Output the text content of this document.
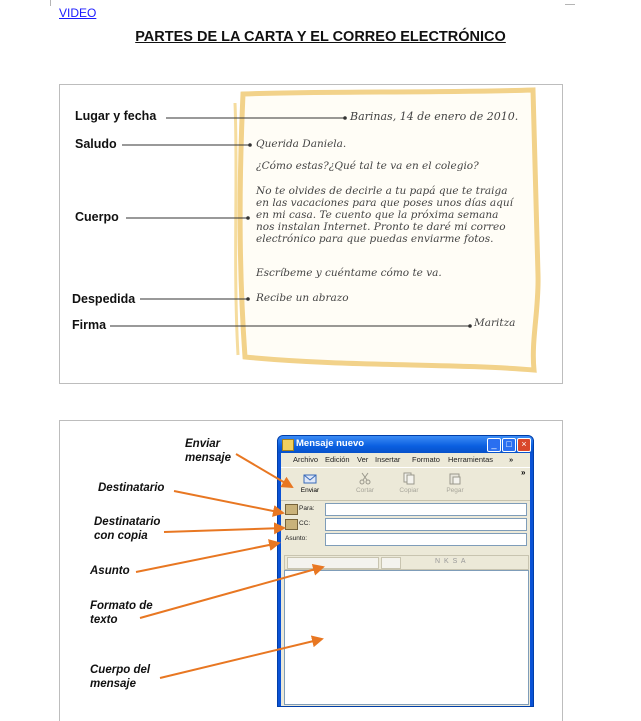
VIDEO
PARTES DE LA CARTA Y EL CORREO ELECTRÓNICO
Lugar y fecha
Saludo
Cuerpo
Despedida
Firma
Barinas, 14 de enero de 2010.
Querida Daniela.
¿Cómo estas?¿Qué tal te va en el colegio?
No te olvides de decirle a tu papá que te traiga
en las vacaciones para que poses unos días aquí
en mi casa. Te cuento que la próxima semana
nos instalan Internet. Pronto te daré mi correo
electrónico para que puedas enviarme fotos.
Escríbeme y cuéntame cómo te va.
Recibe un abrazo
Maritza
Enviar
mensaje
Destinatario
Destinatario
con copia
Asunto
Formato de
texto
Cuerpo del
mensaje
Mensaje nuevo	_	□	×
Archivo Edición Ver Insertar Formato Herramientas »
Enviar	Cortar	Copiar	Pegar
»
Para:
CC:
Asunto:
N K S A
